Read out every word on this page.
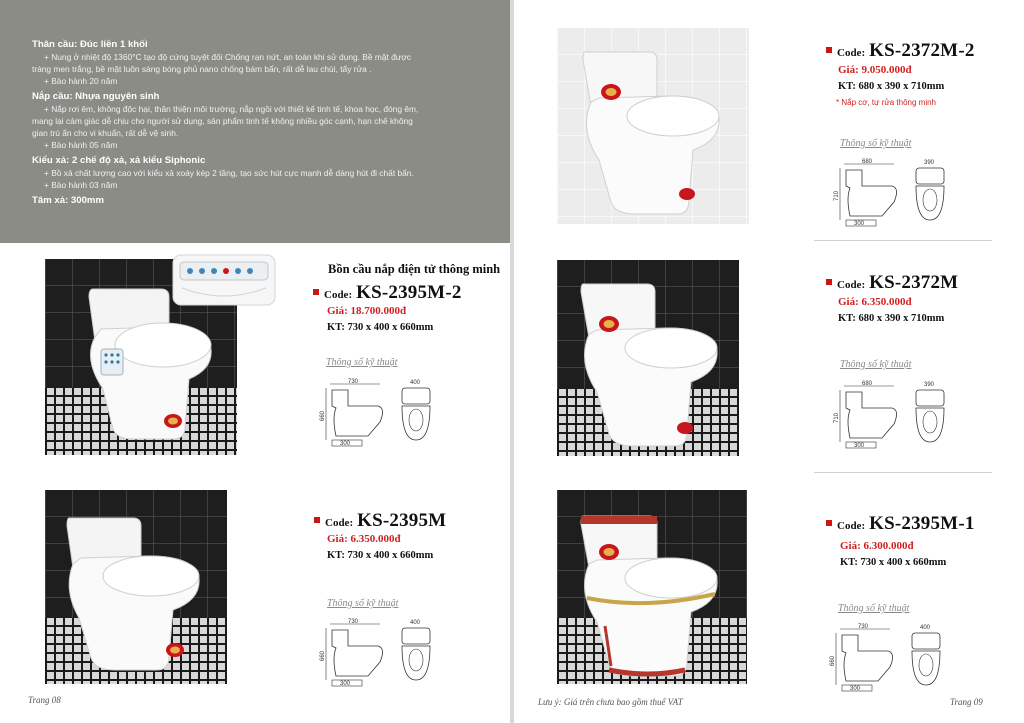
Thân cầu: Đúc liền 1 khối
+ Nung ở nhiệt độ 1360°C tạo độ cứng tuyệt đối Chống rạn nứt, an toàn khi sử dụng. Bề mặt được
tráng men trắng, bề mặt luôn sáng bóng phủ nano chống bám bẩn, rất dễ lau chùi, tẩy rửa .
+ Bảo hành 20 năm
Nắp cầu: Nhựa nguyên sinh
+ Nắp rơi êm, không độc hại, thân thiện môi trường, nắp ngồi với thiết kế tinh tế, khoa học, đóng êm,
mang lại cảm giác dễ chịu cho người sử dụng, sản phẩm tinh tế không nhiều góc cạnh, hạn chế không
gian trú ẩn cho vi khuẩn, rất dễ vệ sinh.
+ Bảo hành 05 năm
Kiểu xả: 2 chế độ xả, xả kiểu Siphonic
+ Bồ xả chất lượng cao với kiểu xả xoáy kép 2 tầng, tạo sức hút cực mạnh dễ dàng hút đi chất bẩn.
+ Bảo hành 03 năm
Tâm xả: 300mm
Bồn cầu nắp điện tử thông minh
Code: KS-2395M-2
Giá: 18.700.000đ
KT: 730 x 400 x 660mm
Thông số kỹ thuật
730
660
300
400
Code: KS-2395M
Giá: 6.350.000đ
KT: 730 x 400 x 660mm
Thông số kỹ thuật
730
660
300
400
Trang 08
Code: KS-2372M-2
Giá: 9.050.000đ
KT: 680 x 390 x 710mm
* Nắp cơ, tự rửa thông minh
Thông số kỹ thuật
680
710
300
390
Code: KS-2372M
Giá: 6.350.000đ
KT: 680 x 390 x 710mm
Thông số kỹ thuật
680
710
300
390
Code: KS-2395M-1
Giá: 6.300.000đ
KT: 730 x 400 x 660mm
Thông số kỹ thuật
730
660
300
400
Lưu ý: Giá trên chưa bao gồm thuế VAT	Trang 09
